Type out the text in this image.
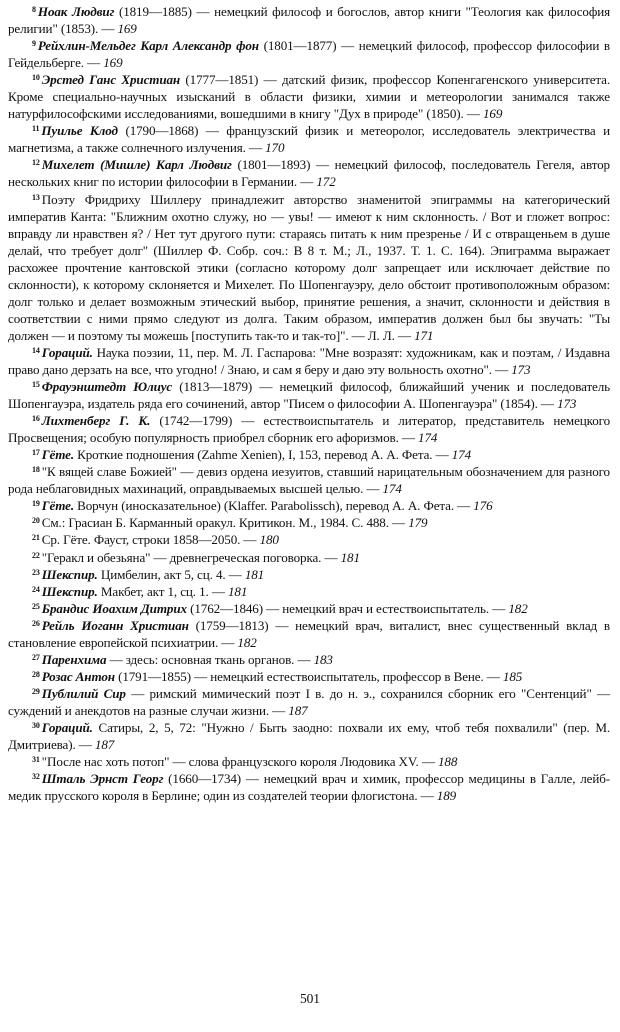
$^8$ Ноак Людвиг (1819—1885) — немецкий философ и богослов, автор книги "Теология как философия религии" (1853). — 169

$^9$ Рейхлин-Мельдег Карл Александр фон (1801—1877) — немецкий философ, профессор философии в Гейдельберге. — 169

$^{10}$ Эрстед Ганс Христиан (1777—1851) — датский физик, профессор Копенгагенского университета. Кроме специально-научных изысканий в области физики, химии и метеорологии занимался также натурфилософскими исследованиями, вошедшими в книгу "Дух в природе" (1850). — 169

$^{11}$ Пуилье Клод (1790—1868) — французский физик и метеоролог, исследователь электричества и магнетизма, а также солнечного излучения. — 170

$^{12}$ Михелет (Мишле) Карл Людвиг (1801—1893) — немецкий философ, последователь Гегеля, автор нескольких книг по истории философии в Германии. — 172

$^{13}$ Поэту Фридриху Шиллеру принадлежит авторство знаменитой эпиграммы на категорический императив Канта: "Ближним охотно служу, но — увы! — имеют к ним склонность. / Вот и гложет вопрос: вправду ли нравствен я? / Нет тут другого пути: стараясь питать к ним презренье / И с отвращеньем в душе делай, что требует долг" (Шиллер Ф. Собр. соч.: В 8 т. М.; Л., 1937. Т. 1. С. 164). Эпиграмма выражает расхожее прочтение кантовской этики (согласно которому долг запрещает или исключает действие по склонности), к которому склоняется и Михелет. По Шопенгауэру, дело обстоит противоположным образом: долг только и делает возможным этический выбор, принятие решения, а значит, склонности и действия в соответствии с ними прямо следуют из долга. Таким образом, императив должен был бы звучать: "Ты должен — и поэтому ты можешь [поступить так-то и так-то]". — Л. Л. — 171

$^{14}$ Гораций. Наука поэзии, 11, пер. М. Л. Гаспарова: "Мне возразят: художникам, как и поэтам, / Издавна право дано дерзать на все, что угодно! / Знаю, и сам я беру и даю эту вольность охотно". — 173

$^{15}$ Фрауэнштедт Юлиус (1813—1879) — немецкий философ, ближайший ученик и последователь Шопенгауэра, издатель ряда его сочинений, автор "Писем о философии А. Шопенгауэра" (1854). — 173

$^{16}$ Лихтенберг Г. К. (1742—1799) — естествоиспытатель и литератор, представитель немецкого Просвещения; особую популярность приобрел сборник его афоризмов. — 174

$^{17}$ Гёте. Кроткие подношения (Zahme Xenien), I, 153, перевод А. А. Фета. — 174

$^{18}$ "К вящей славе Божией" — девиз ордена иезуитов, ставший нарицательным обозначением для разного рода неблаговидных махинаций, оправдываемых высшей целью. — 174

$^{19}$ Гёте. Ворчун (иносказательное) (Klaffer. Parabolissch), перевод А. А. Фета. — 176

$^{20}$ См.: Грасиан Б. Карманный оракул. Критикон. М., 1984. С. 488. — 179

$^{21}$ Ср. Гёте. Фауст, строки 1858—2050. — 180

$^{22}$ "Геракл и обезьяна" — древнегреческая поговорка. — 181

$^{23}$ Шекспир. Цимбелин, акт 5, сц. 4. — 181

$^{24}$ Шекспир. Макбет, акт 1, сц. 1. — 181

$^{25}$ Брандис Иоахим Дитрих (1762—1846) — немецкий врач и естествоиспытатель. — 182

$^{26}$ Рейль Иоганн Христиан (1759—1813) — немецкий врач, виталист, внес существенный вклад в становление европейской психиатрии. — 182

$^{27}$ Паренхима — здесь: основная ткань органов. — 183

$^{28}$ Розас Антон (1791—1855) — немецкий естествоиспытатель, профессор в Вене. — 185

$^{29}$ Публилий Сир — римский мимический поэт I в. до н. э., сохранился сборник его "Сентенций" — суждений и анекдотов на разные случаи жизни. — 187

$^{30}$ Гораций. Сатиры, 2, 5, 72: "Нужно / Быть заодно: похвали их ему, чтоб тебя похвалили" (пер. М. Дмитриева). — 187

$^{31}$ "После нас хоть потоп" — слова французского короля Людовика XV. — 188

$^{32}$ Шталь Эрнст Георг (1660—1734) — немецкий врач и химик, профессор медицины в Галле, лейб-медик прусского короля в Берлине; один из создателей теории флогистона. — 189

501
